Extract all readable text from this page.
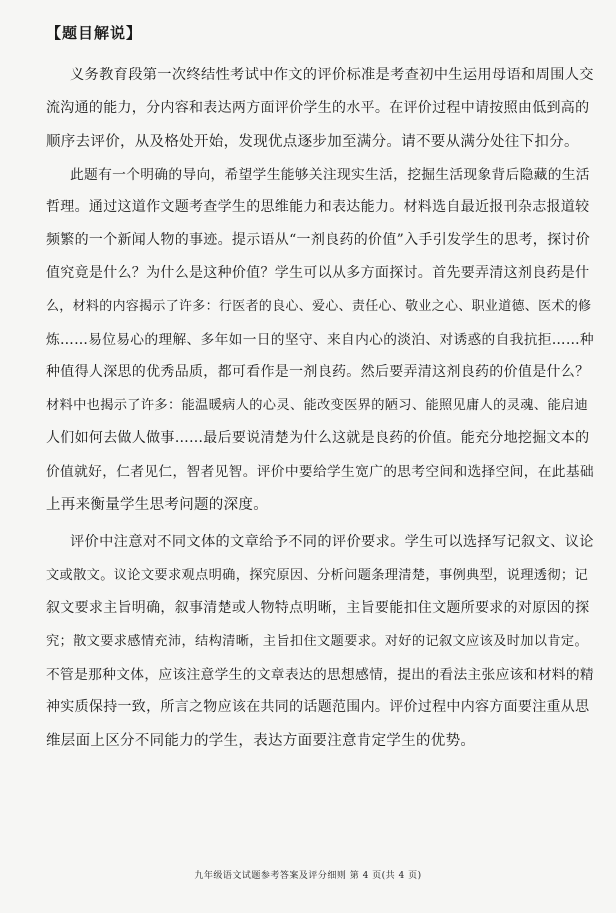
【题目解说】
义务教育段第一次终结性考试中作文的评价标准是考查初中生运用母语和周围人交
流沟通的能力，分内容和表达两方面评价学生的水平。在评价过程中请按照由低到高的
顺序去评价，从及格处开始，发现优点逐步加至满分。请不要从满分处往下扣分。
此题有一个明确的导向，希望学生能够关注现实生活，挖掘生活现象背后隐藏的生活
哲理。通过这道作文题考查学生的思维能力和表达能力。材料选自最近报刊杂志报道较
频繁的一个新闻人物的事迹。提示语从“一剂良药的价值”入手引发学生的思考，探讨价
值究竟是什么？为什么是这种价值？学生可以从多方面探讨。首先要弄清这剂良药是什
么，材料的内容揭示了许多：行医者的良心、爱心、责任心、敬业之心、职业道德、医术的修
炼……易位易心的理解、多年如一日的坚守、来自内心的淡泊、对诱惑的自我抗拒……种
种值得人深思的优秀品质，都可看作是一剂良药。然后要弄清这剂良药的价值是什么？
材料中也揭示了许多：能温暖病人的心灵、能改变医界的陋习、能照见庸人的灵魂、能启迪
人们如何去做人做事……最后要说清楚为什么这就是良药的价值。能充分地挖掘文本的
价值就好，仁者见仁，智者见智。评价中要给学生宽广的思考空间和选择空间，在此基础
上再来衡量学生思考问题的深度。
评价中注意对不同文体的文章给予不同的评价要求。学生可以选择写记叙文、议论
文或散文。议论文要求观点明确，探究原因、分析问题条理清楚，事例典型，说理透彻；记
叙文要求主旨明确，叙事清楚或人物特点明晰，主旨要能扣住文题所要求的对原因的探
究；散文要求感情充沛，结构清晰，主旨扣住文题要求。对好的记叙文应该及时加以肯定。
不管是那种文体，应该注意学生的文章表达的思想感情，提出的看法主张应该和材料的精
神实质保持一致，所言之物应该在共同的话题范围内。评价过程中内容方面要注重从思
维层面上区分不同能力的学生，表达方面要注意肯定学生的优势。
九年级语文试题参考答案及评分细则 第 4 页(共 4 页)
